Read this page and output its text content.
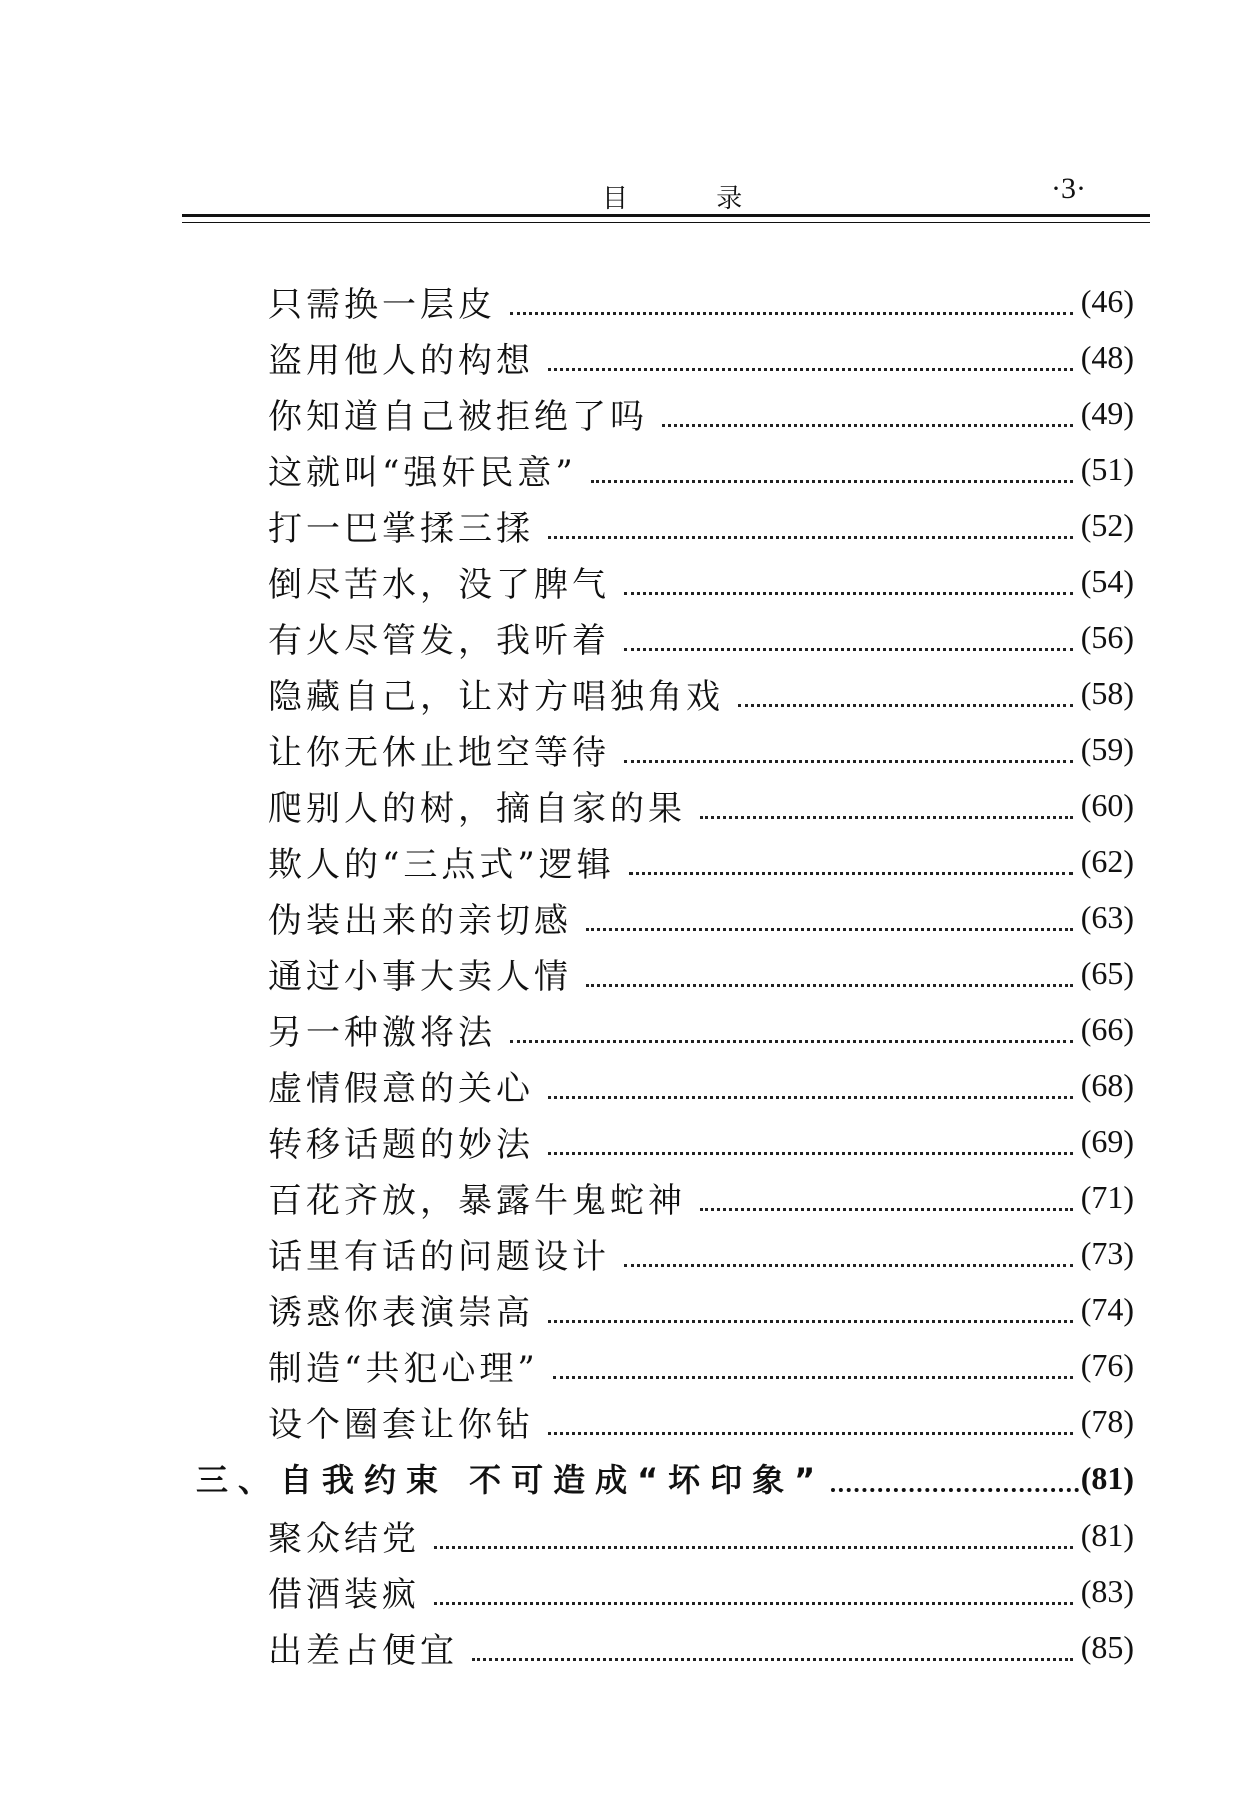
目 录	·3·
只需换一层皮	(46)
盗用他人的构想	(48)
你知道自己被拒绝了吗	(49)
这就叫“强奸民意”	(51)
打一巴掌揉三揉	(52)
倒尽苦水，没了脾气	(54)
有火尽管发，我听着	(56)
隐藏自己，让对方唱独角戏	(58)
让你无休止地空等待	(59)
爬别人的树，摘自家的果	(60)
欺人的“三点式”逻辑	(62)
伪装出来的亲切感	(63)
通过小事大卖人情	(65)
另一种激将法	(66)
虚情假意的关心	(68)
转移话题的妙法	(69)
百花齐放，暴露牛鬼蛇神	(71)
话里有话的问题设计	(73)
诱惑你表演崇高	(74)
制造“共犯心理”	(76)
设个圈套让你钻	(78)
三、自我约束 不可造成“坏印象”	(81)
聚众结党	(81)
借酒装疯	(83)
出差占便宜	(85)
